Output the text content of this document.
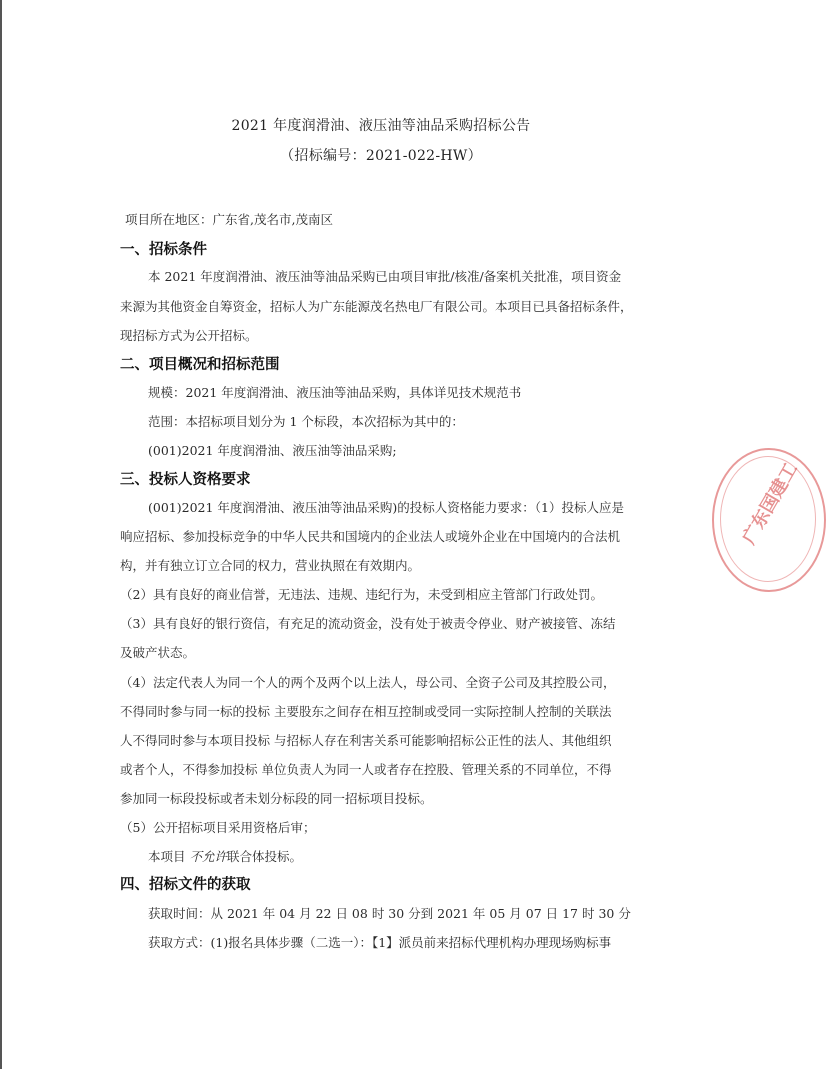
2021 年度润滑油、液压油等油品采购招标公告
（招标编号：2021-022-HW）
项目所在地区：广东省,茂名市,茂南区
一、招标条件
本 2021 年度润滑油、液压油等油品采购已由项目审批/核准/备案机关批准，项目资金
来源为其他资金自筹资金，招标人为广东能源茂名热电厂有限公司。本项目已具备招标条件，
现招标方式为公开招标。
二、项目概况和招标范围
规模：2021 年度润滑油、液压油等油品采购，具体详见技术规范书
范围：本招标项目划分为 1 个标段，本次招标为其中的：
(001)2021 年度润滑油、液压油等油品采购;
三、投标人资格要求
(001)2021 年度润滑油、液压油等油品采购)的投标人资格能力要求：（1）投标人应是
响应招标、参加投标竞争的中华人民共和国境内的企业法人或境外企业在中国境内的合法机
构，并有独立订立合同的权力，营业执照在有效期内。
（2）具有良好的商业信誉，无违法、违规、违纪行为，未受到相应主管部门行政处罚。
（3）具有良好的银行资信，有充足的流动资金，没有处于被责令停业、财产被接管、冻结
及破产状态。
（4）法定代表人为同一个人的两个及两个以上法人，母公司、全资子公司及其控股公司，
不得同时参与同一标的投标 主要股东之间存在相互控制或受同一实际控制人控制的关联法
人不得同时参与本项目投标 与招标人存在利害关系可能影响招标公正性的法人、其他组织
或者个人，不得参加投标 单位负责人为同一人或者存在控股、管理关系的不同单位，不得
参加同一标段投标或者未划分标段的同一招标项目投标。
（5）公开招标项目采用资格后审；
本项目 不允许联合体投标。
四、招标文件的获取
获取时间：从 2021 年 04 月 22 日 08 时 30 分到 2021 年 05 月 07 日 17 时 30 分
获取方式：(1)报名具体步骤（二选一）：【1】派员前来招标代理机构办理现场购标事
广东国建工
